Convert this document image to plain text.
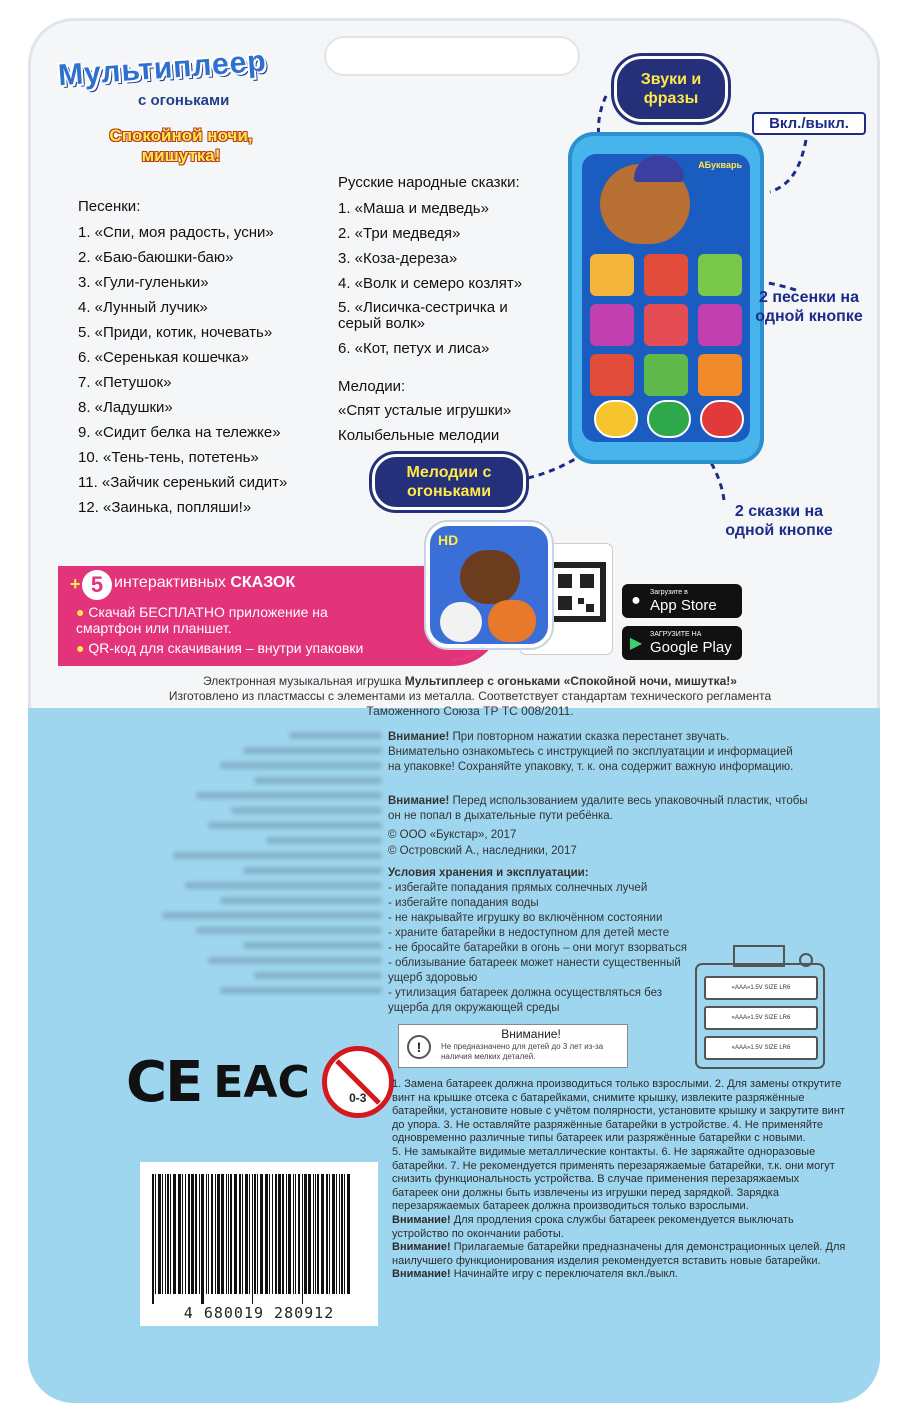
Мультиплеер
с огоньками
Спокойной ночи, мишутка!
Песенки:
1. «Спи, моя радость, усни»
2. «Баю-баюшки-баю»
3. «Гули-гуленьки»
4. «Лунный лучик»
5. «Приди, котик, ночевать»
6. «Серенькая кошечка»
7. «Петушок»
8. «Ладушки»
9. «Сидит белка на тележке»
10. «Тень-тень, потетень»
11. «Зайчик серенький сидит»
12. «Заинька, попляши!»
Русские народные сказки:
1. «Маша и медведь»
2. «Три медведя»
3. «Коза-дереза»
4. «Волк и семеро козлят»
5. «Лисичка-сестричка и серый волк»
6. «Кот, петух и лиса»
Мелодии:
«Спят усталые игрушки»
Колыбельные мелодии
АБукварь
Звуки и фразы
Вкл./выкл.
2 песенки на одной кнопке
2 сказки на одной кнопке
Мелодии с огоньками
+ 5 интерактивных СКАЗОК
● Скачай БЕСПЛАТНО приложение на смартфон или планшет.
● QR-код для скачивания – внутри упаковки
HD
●	Загрузите в
App Store
▶
ЗАГРУЗИТЕ НА
Google Play
Электронная музыкальная игрушка Мультиплеер с огоньками «Спокойной ночи, мишутка!»
Изготовлено из пластмассы с элементами из металла. Соответствует стандартам технического регламента
Таможенного Союза ТР ТС 008/2011.
Внимание! При повторном нажатии сказка перестанет звучать. Внимательно ознакомьтесь с инструкцией по эксплуатации и информацией на упаковке! Сохраняйте упаковку, т. к. она содержит важную информацию.
Внимание! Перед использованием удалите весь упаковочный пластик, чтобы он не попал в дыхательные пути ребёнка.
© ООО «Букстар», 2017
© Островский А., наследники, 2017
Условия хранения и эксплуатации:
- избегайте попадания прямых солнечных лучей
- избегайте попадания воды
- не накрывайте игрушку во включённом состоянии
- храните батарейки в недоступном для детей месте
- не бросайте батарейки в огонь – они могут взорваться
- облизывание батареек может нанести существенный ущерб здоровью
- утилизация батареек должна осуществляться без ущерба для окружающей среды
!
Внимание!
Не предназначено для детей до 3 лет из-за наличия мелких деталей.
«AAA»1.5V SIZE LR6
«AAA»1.5V SIZE LR6
«AAA»1.5V SIZE LR6
CE EAC	0-3
4 680019 280912

1. Замена батареек должна производиться только взрослыми. 2. Для замены открутите винт на крышке отсека с батарейками, снимите крышку, извлеките разряжённые батарейки, установите новые с учётом полярности, установите крышку и закрутите винт до упора. 3. Не оставляйте разряжённые батарейки в устройстве. 4. Не применяйте одновременно различные типы батареек или разряжённые батарейки с новыми.

5. Не замыкайте видимые металлические контакты. 6. Не заряжайте одноразовые батарейки. 7. Не рекомендуется применять перезаряжаемые батарейки, т.к. они могут снизить функциональность устройства. В случае применения перезаряжаемых батареек они должны быть извлечены из игрушки перед зарядкой. Зарядка перезаряжаемых батареек должна производиться только взрослыми.

Внимание! Для продления срока службы батареек рекомендуется выключать устройство по окончании работы.

Внимание! Прилагаемые батарейки предназначены для демонстрационных целей. Для наилучшего функционирования изделия рекомендуется вставить новые батарейки.

Внимание! Начинайте игру с переключателя вкл./выкл.
